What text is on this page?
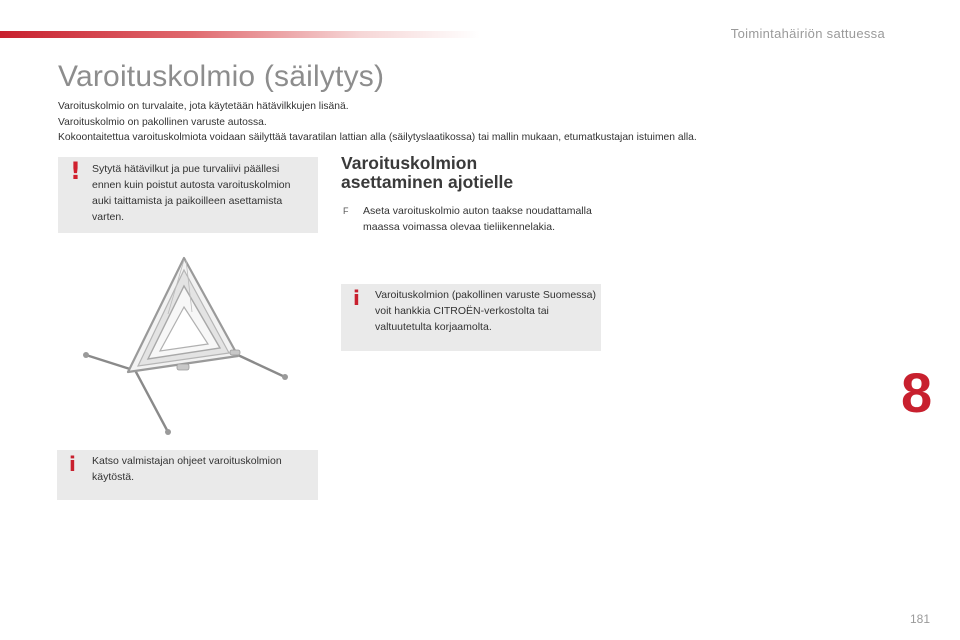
Toimintahäiriön sattuessa
Varoituskolmio (säilytys)

Varoituskolmio on turvalaite, jota käytetään hätävilkkujen lisänä.

Varoituskolmio on pakollinen varuste autossa.

Kokoontaitettua varoituskolmiota voidaan säilyttää tavaratilan lattian alla (säilytyslaatikossa) tai mallin mukaan, etumatkustajan istuimen alla.

! Sytytä hätävilkut ja pue turvaliivi päällesi ennen kuin poistut autosta varoituskolmion auki taittamista ja paikoilleen asettamista varten.
i Katso valmistajan ohjeet varoituskolmion käytöstä.
Varoituskolmion
asettaminen ajotielle
F Aseta varoituskolmio auton taakse noudattamalla maassa voimassa olevaa tieliikennelakia.
i Varoituskolmion (pakollinen varuste Suomessa) voit hankkia CITROËN-verkostolta tai valtuutetulta korjaamolta.
8
181
